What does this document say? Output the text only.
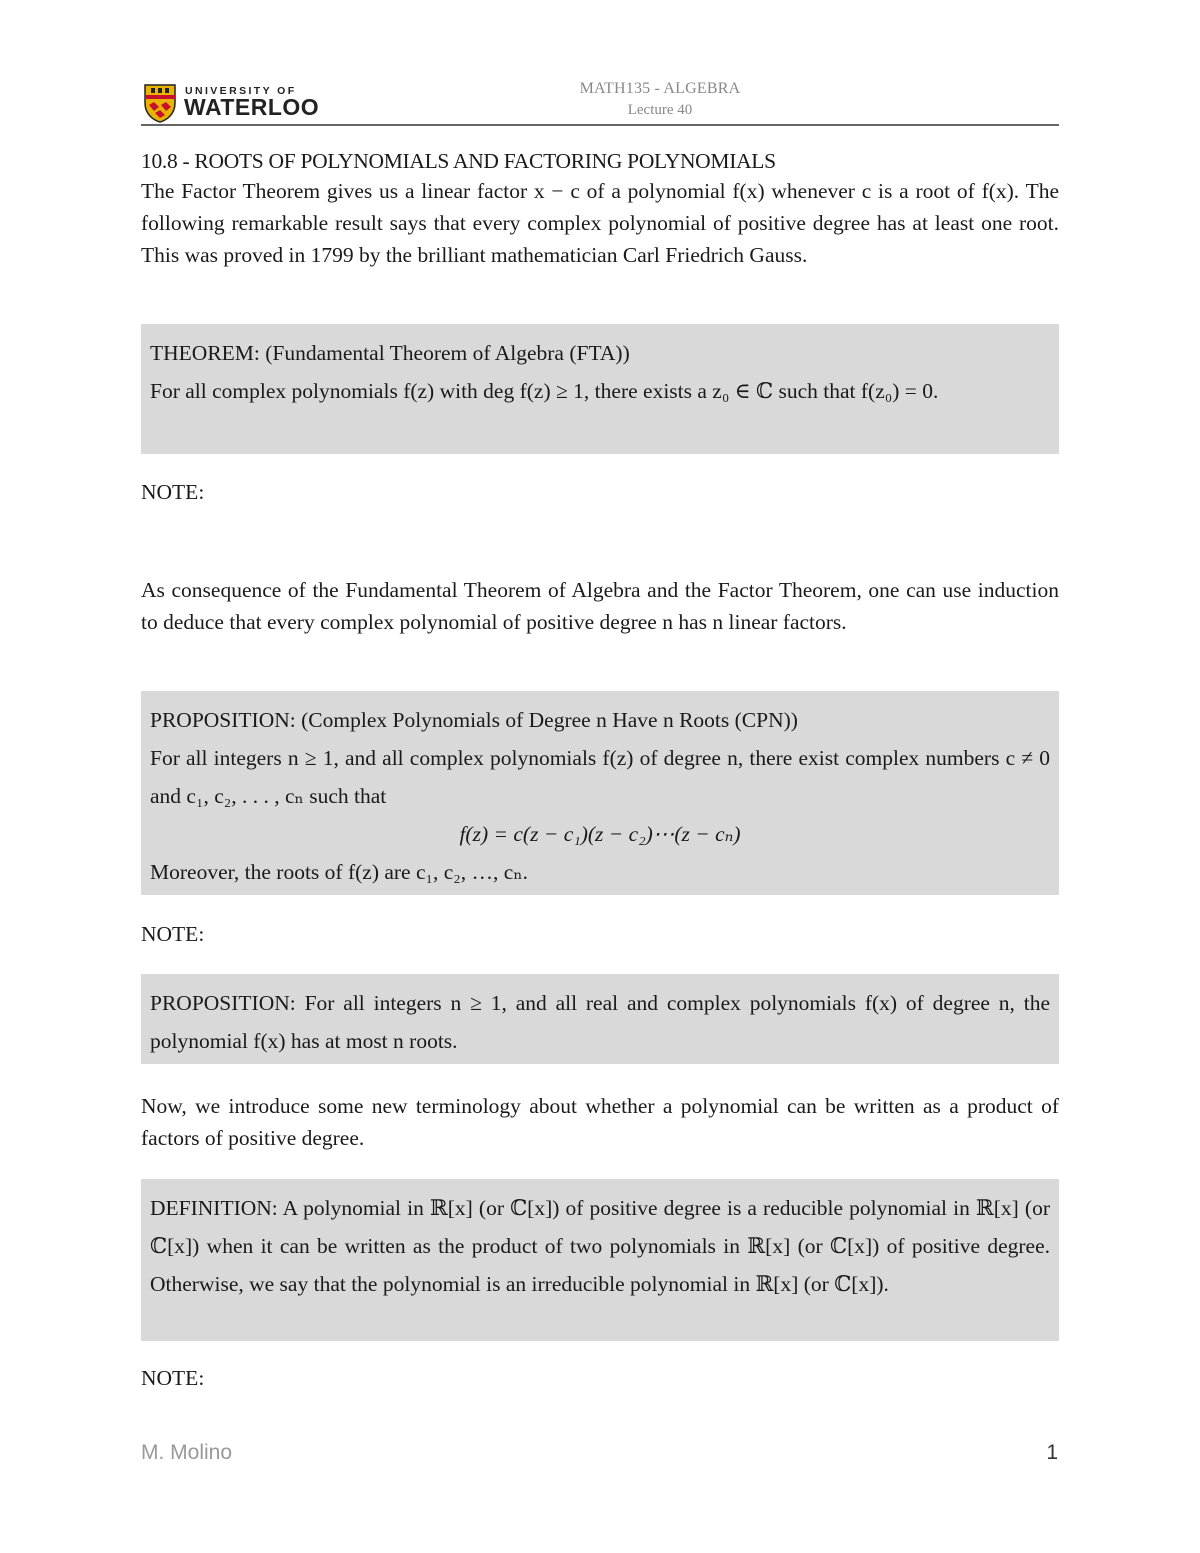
UNIVERSITY OF
WATERLOO
MATH135 - ALGEBRA
Lecture 40
10.8 - ROOTS OF POLYNOMIALS AND FACTORING POLYNOMIALS
The Factor Theorem gives us a linear factor x − c of a polynomial f(x) whenever c is a root of f(x). The following remarkable result says that every complex polynomial of positive degree has at least one root. This was proved in 1799 by the brilliant mathematician Carl Friedrich Gauss.
THEOREM: (Fundamental Theorem of Algebra (FTA))
For all complex polynomials f(z) with deg f(z) ≥ 1, there exists a z₀ ∈ ℂ such that f(z₀) = 0.
NOTE:
As consequence of the Fundamental Theorem of Algebra and the Factor Theorem, one can use induction to deduce that every complex polynomial of positive degree n has n linear factors.
PROPOSITION: (Complex Polynomials of Degree n Have n Roots (CPN))
For all integers n ≥ 1, and all complex polynomials f(z) of degree n, there exist complex numbers c ≠ 0 and c₁, c₂, . . . , cₙ such that
f(z) = c(z − c₁)(z − c₂)⋯(z − cₙ)
Moreover, the roots of f(z) are c₁, c₂, …, cₙ.
NOTE:
PROPOSITION: For all integers n ≥ 1, and all real and complex polynomials f(x) of degree n, the polynomial f(x) has at most n roots.
Now, we introduce some new terminology about whether a polynomial can be written as a product of factors of positive degree.
DEFINITION: A polynomial in ℝ[x] (or ℂ[x]) of positive degree is a reducible polynomial in ℝ[x] (or ℂ[x]) when it can be written as the product of two polynomials in ℝ[x] (or ℂ[x]) of positive degree. Otherwise, we say that the polynomial is an irreducible polynomial in ℝ[x] (or ℂ[x]).
NOTE:
M. Molino	1
